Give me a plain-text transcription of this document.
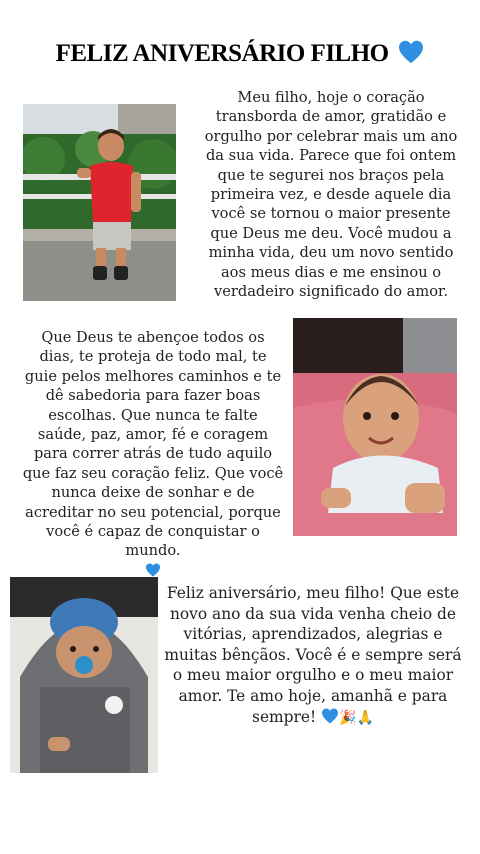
FELIZ ANIVERSÁRIO FILHO
Meu filho, hoje o coração transborda de amor, gratidão e orgulho por celebrar mais um ano da sua vida. Parece que foi ontem que te segurei nos braços pela primeira vez, e desde aquele dia você se tornou o maior presente que Deus me deu. Você mudou a minha vida, deu um novo sentido aos meus dias e me ensinou o verdadeiro significado do amor.
Que Deus te abençoe todos os dias, te proteja de todo mal, te guie pelos melhores caminhos e te dê sabedoria para fazer boas escolhas. Que nunca te falte saúde, paz, amor, fé e coragem para correr atrás de tudo aquilo que faz seu coração feliz. Que você nunca deixe de sonhar e de acreditar no seu potencial, porque você é capaz de conquistar o mundo.

Feliz aniversário, meu filho! Que este novo ano da sua vida venha cheio de vitórias, aprendizados, alegrias e muitas bênçãos. Você é e sempre será o meu maior orgulho e o meu maior amor. Te amo hoje, amanhã e para sempre! 🎉🙏
